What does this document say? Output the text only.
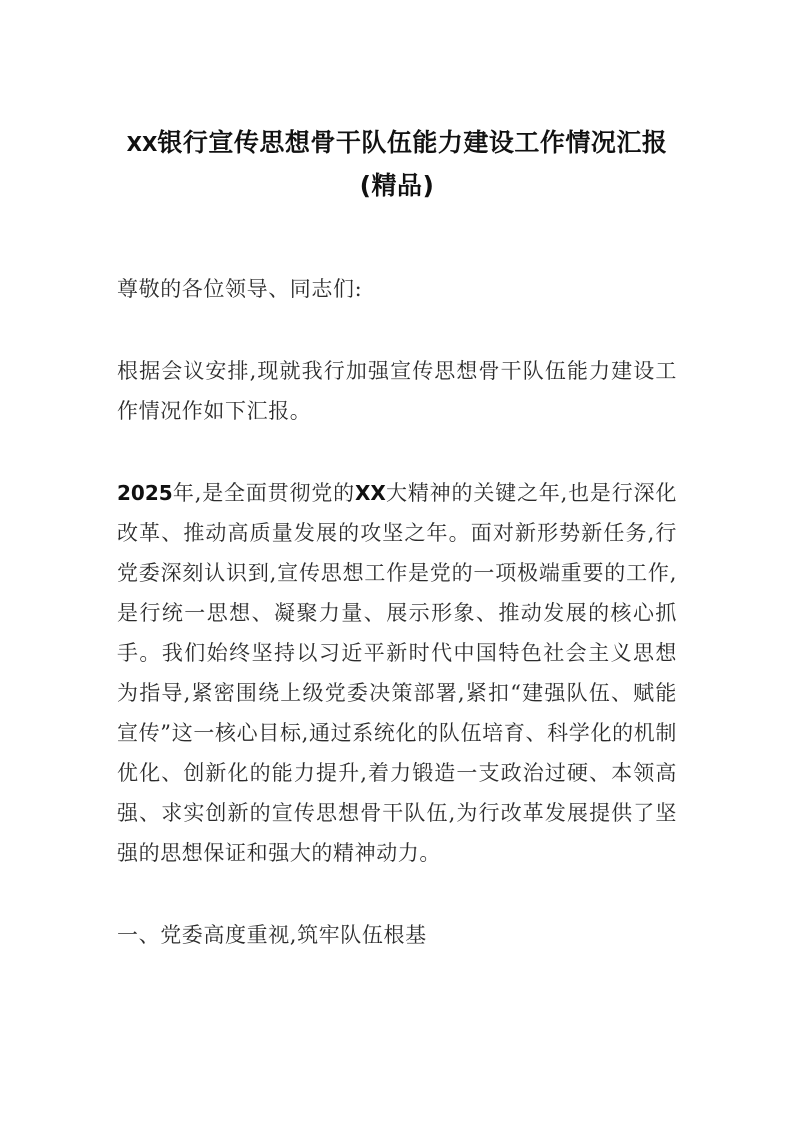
XX银行宣传思想骨干队伍能力建设工作情况汇报(精品)

尊敬的各位领导、同志们:

根据会议安排,现就我行加强宣传思想骨干队伍能力建设工作情况作如下汇报。

2025年,是全面贯彻党的XX大精神的关键之年,也是行深化改革、推动高质量发展的攻坚之年。面对新形势新任务,行党委深刻认识到,宣传思想工作是党的一项极端重要的工作,是行统一思想、凝聚力量、展示形象、推动发展的核心抓手。我们始终坚持以习近平新时代中国特色社会主义思想为指导,紧密围绕上级党委决策部署,紧扣“建强队伍、赋能宣传”这一核心目标,通过系统化的队伍培育、科学化的机制优化、创新化的能力提升,着力锻造一支政治过硬、本领高强、求实创新的宣传思想骨干队伍,为行改革发展提供了坚强的思想保证和强大的精神动力。

一、党委高度重视,筑牢队伍根基
